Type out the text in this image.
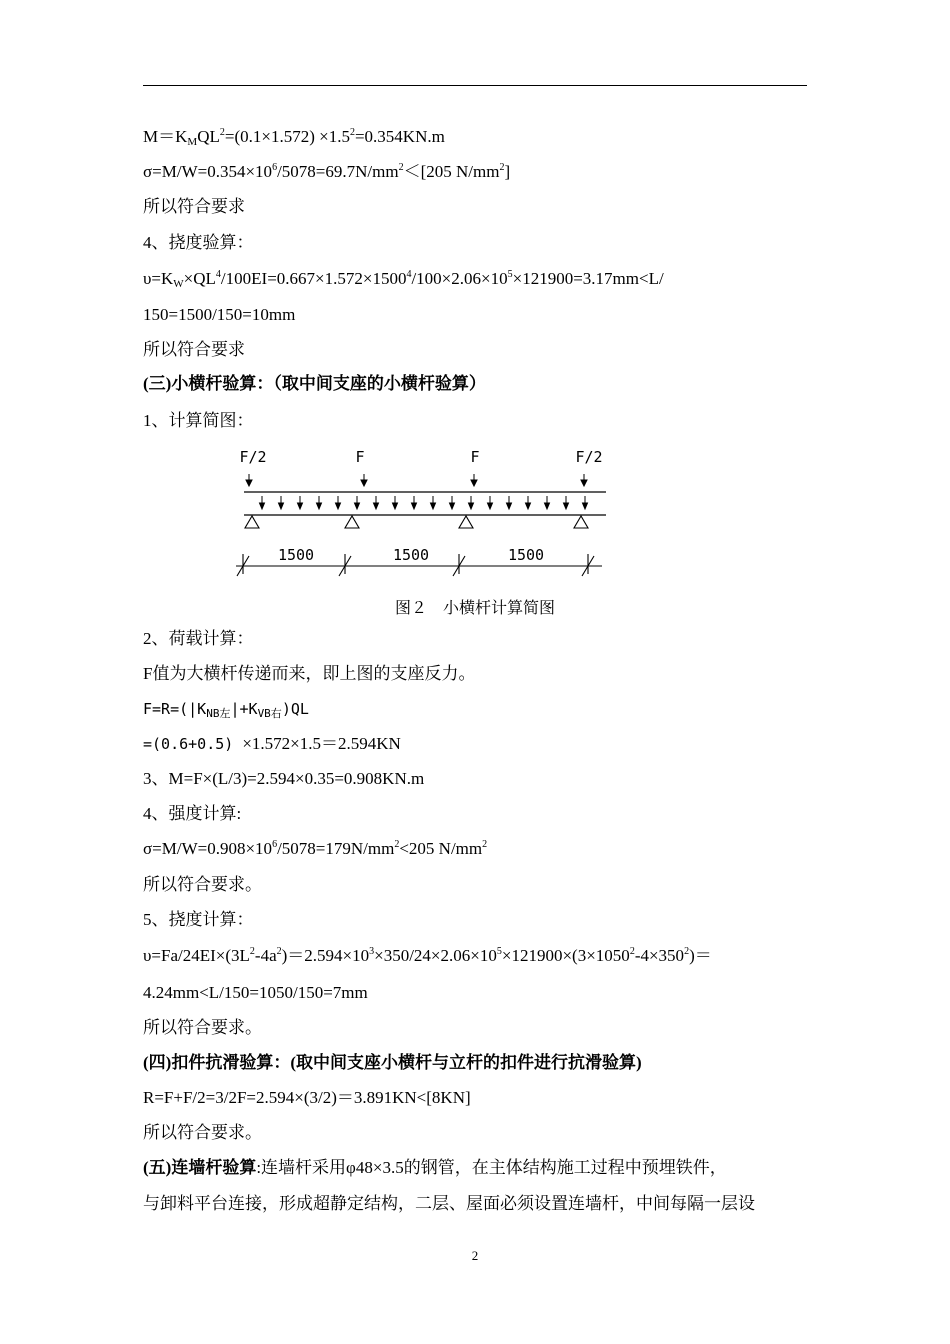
$M=K_MQL^2=(0.1\times 1.572) \times 1.5^2=0.354KN.m$
$\sigma=M/W=0.354\times 10^6/5078=69.7N/mm^2<[205$ $N/mm^2$]
所以符合要求
4、挠度验算：
$\upsilon=K_W\times QL^4/100EI=0.667\times 1.572\times 1500^4/100\times 2.06\times 10^5\times 121900=3.17mm<L/$
150=1500/150=10mm
所以符合要求
(三)小横杆验算：（取中间支座的小横杆验算）
1、计算简图：
F/2	F	F	F/2
1500	1500	1500
图２　小横杆计算简图
2、荷载计算：
F值为大横杆传递而来，即上图的支座反力。
$F=R=(|K_{NB左}|+K_{VB右})QL$
=(0.6+0.5) ×1.572×1.5＝2.594KN
3、M=F×(L/3)=2.594×0.35=0.908KN.m
4、强度计算:
$\sigma=M/W=0.908\times 10^6/5078=179N/mm^2<205$ $N/mm^2$
所以符合要求。
5、挠度计算：
$\upsilon=Fa/24EI\times(3L^2-4a^2)=2.594\times 10^3\times 350/24\times 2.06\times 10^5\times 121900\times(3\times 1050^2-4\times 350^2)=$
4.24mm<L/150=1050/150=7mm
所以符合要求。
(四)扣件抗滑验算：(取中间支座小横杆与立杆的扣件进行抗滑验算)
R=F+F/2=3/2F=2.594×(3/2)＝3.891KN<[8KN]
所以符合要求。
(五)连墙杆验算:连墙杆采用φ48×3.5的钢管，在主体结构施工过程中预埋铁件，
与卸料平台连接，形成超静定结构，二层、屋面必须设置连墙杆，中间每隔一层设
2
